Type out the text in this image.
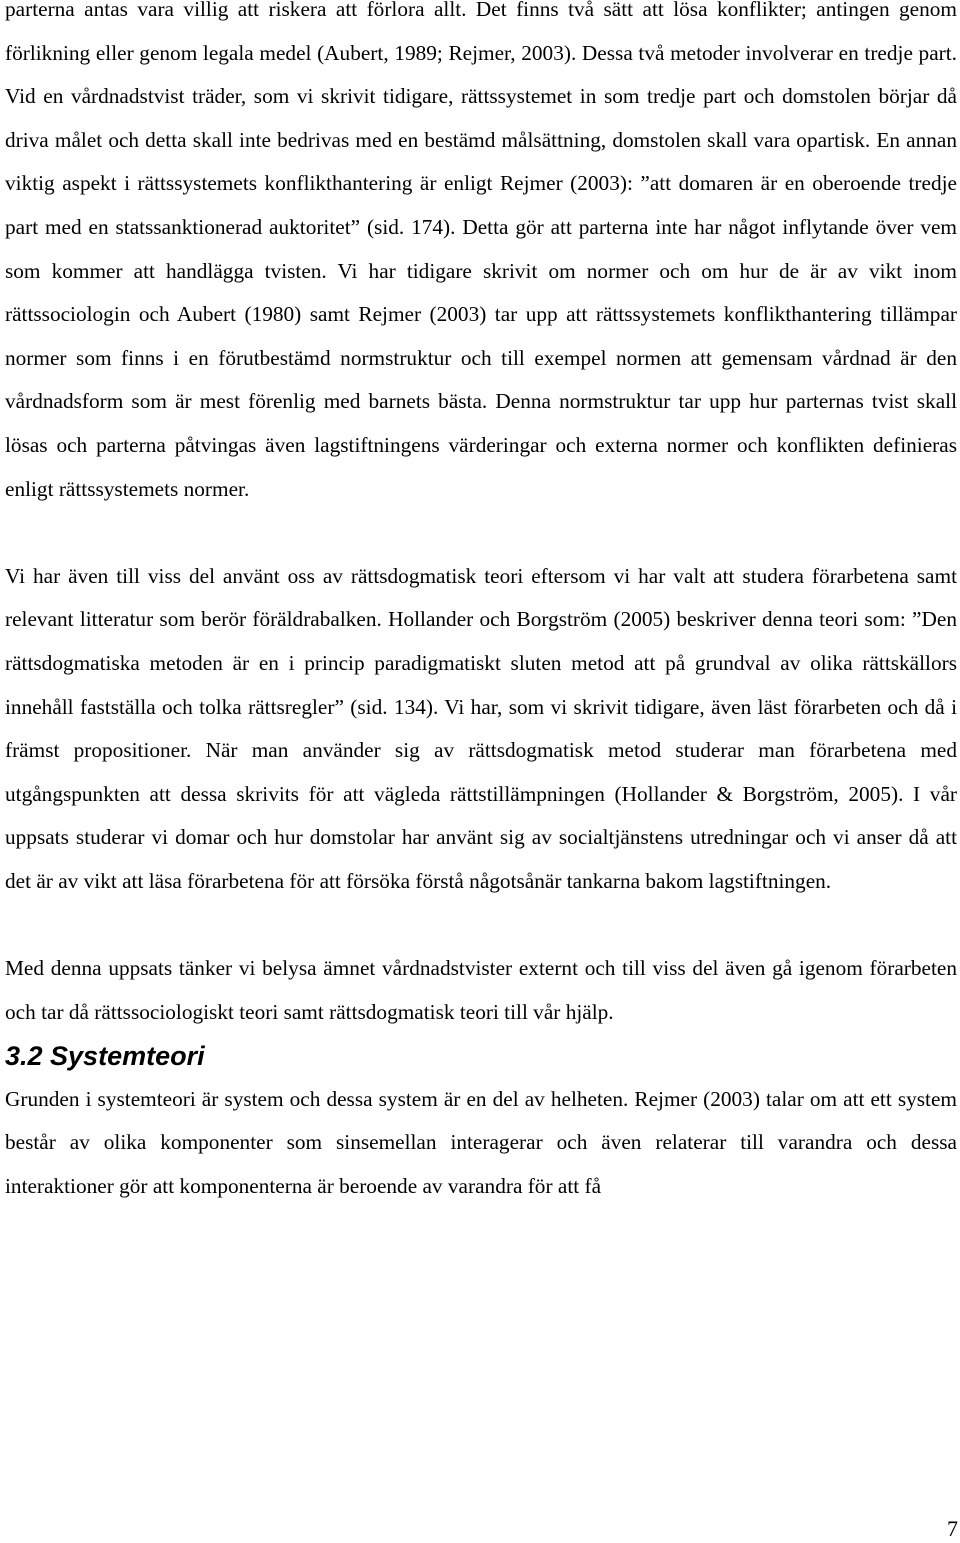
parterna antas vara villig att riskera att förlora allt. Det finns två sätt att lösa konflikter; antingen genom förlikning eller genom legala medel (Aubert, 1989; Rejmer, 2003). Dessa två metoder involverar en tredje part. Vid en vårdnadstvist träder, som vi skrivit tidigare, rättssystemet in som tredje part och domstolen börjar då driva målet och detta skall inte bedrivas med en bestämd målsättning, domstolen skall vara opartisk. En annan viktig aspekt i rättssystemets konflikthantering är enligt Rejmer (2003): ”att domaren är en oberoende tredje part med en statssanktionerad auktoritet” (sid. 174). Detta gör att parterna inte har något inflytande över vem som kommer att handlägga tvisten. Vi har tidigare skrivit om normer och om hur de är av vikt inom rättssociologin och Aubert (1980) samt Rejmer (2003) tar upp att rättssystemets konflikthantering tillämpar normer som finns i en förutbestämd normstruktur och till exempel normen att gemensam vårdnad är den vårdnadsform som är mest förenlig med barnets bästa. Denna normstruktur tar upp hur parternas tvist skall lösas och parterna påtvingas även lagstiftningens värderingar och externa normer och konflikten definieras enligt rättssystemets normer.

Vi har även till viss del använt oss av rättsdogmatisk teori eftersom vi har valt att studera förarbetena samt relevant litteratur som berör föräldrabalken. Hollander och Borgström (2005) beskriver denna teori som: ”Den rättsdogmatiska metoden är en i princip paradigmatiskt sluten metod att på grundval av olika rättskällors innehåll fastställa och tolka rättsregler” (sid. 134). Vi har, som vi skrivit tidigare, även läst förarbeten och då i främst propositioner. När man använder sig av rättsdogmatisk metod studerar man förarbetena med utgångspunkten att dessa skrivits för att vägleda rättstillämpningen (Hollander & Borgström, 2005). I vår uppsats studerar vi domar och hur domstolar har använt sig av socialtjänstens utredningar och vi anser då att det är av vikt att läsa förarbetena för att försöka förstå någotsånär tankarna bakom lagstiftningen.

Med denna uppsats tänker vi belysa ämnet vårdnadstvister externt och till viss del även gå igenom förarbeten och tar då rättssociologiskt teori samt rättsdogmatisk teori till vår hjälp.

3.2 Systemteori

Grunden i systemteori är system och dessa system är en del av helheten. Rejmer (2003) talar om att ett system består av olika komponenter som sinsemellan interagerar och även relaterar till varandra och dessa interaktioner gör att komponenterna är beroende av varandra för att få

7
